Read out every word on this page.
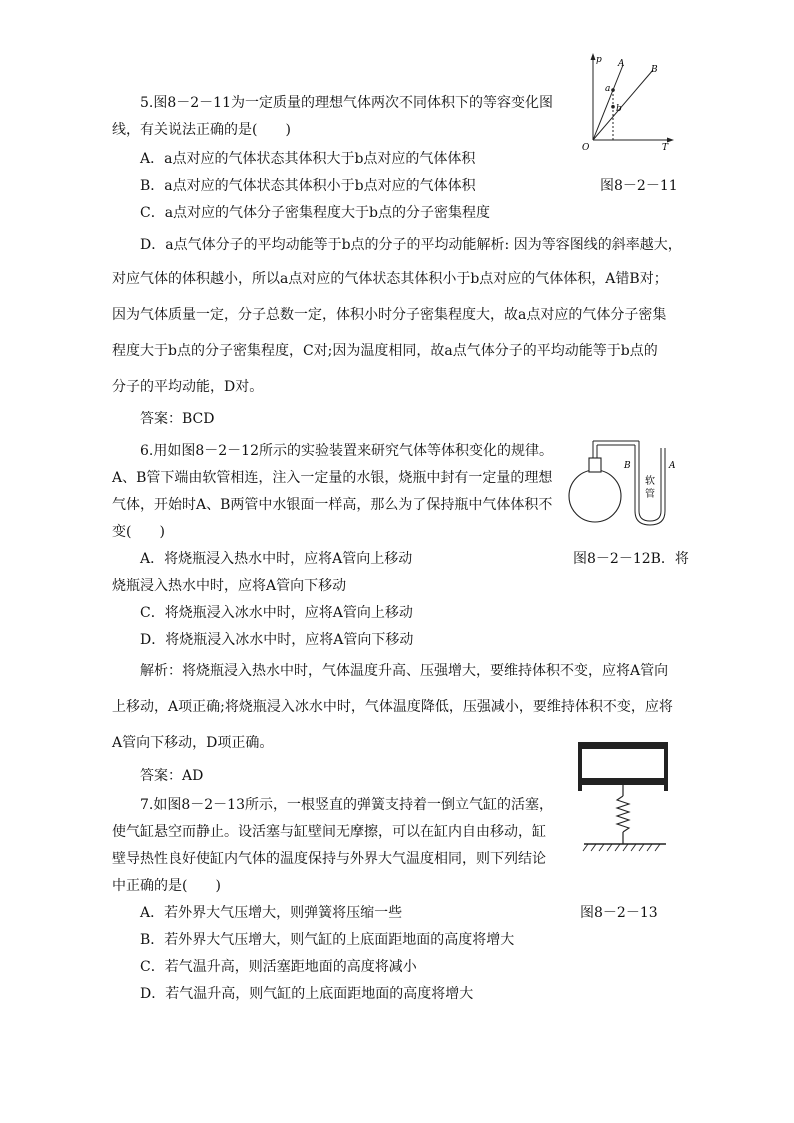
5.图8－2－11为一定质量的理想气体两次不同体积下的等容变化图
线，有关说法正确的是(　　)
A．a点对应的气体状态其体积大于b点对应的气体体积
B．a点对应的气体状态其体积小于b点对应的气体体积	图8－2－11
C．a点对应的气体分子密集程度大于b点的分子密集程度
D．a点气体分子的平均动能等于b点的分子的平均动能解析: 因为等容图线的斜率越大，
对应气体的体积越小，所以a点对应的气体状态其体积小于b点对应的气体体积，A错B对；
因为气体质量一定，分子总数一定，体积小时分子密集程度大，故a点对应的气体分子密集
程度大于b点的分子密集程度，C对;因为温度相同，故a点气体分子的平均动能等于b点的
分子的平均动能，D对。
答案：BCD
p
T
O
A
B
a
b
6.用如图8－2－12所示的实验装置来研究气体等体积变化的规律。
A、B管下端由软管相连，注入一定量的水银，烧瓶中封有一定量的理想
气体，开始时A、B两管中水银面一样高，那么为了保持瓶中气体体积不
变(　　)
A．将烧瓶浸入热水中时，应将A管向上移动	图8－2－12B．将
烧瓶浸入热水中时，应将A管向下移动
C．将烧瓶浸入冰水中时，应将A管向上移动
D．将烧瓶浸入冰水中时，应将A管向下移动
解析：将烧瓶浸入热水中时，气体温度升高、压强增大，要维持体积不变，应将A管向
上移动，A项正确;将烧瓶浸入冰水中时，气体温度降低，压强减小，要维持体积不变，应将
A管向下移动，D项正确。
答案：AD
B	A
软
管
7.如图8－2－13所示，一根竖直的弹簧支持着一倒立气缸的活塞，
使气缸悬空而静止。设活塞与缸壁间无摩擦，可以在缸内自由移动，缸
壁导热性良好使缸内气体的温度保持与外界大气温度相同，则下列结论
中正确的是(　　)
A．若外界大气压增大，则弹簧将压缩一些	图8－2－13
B．若外界大气压增大，则气缸的上底面距地面的高度将增大
C．若气温升高，则活塞距地面的高度将减小
D．若气温升高，则气缸的上底面距地面的高度将增大
